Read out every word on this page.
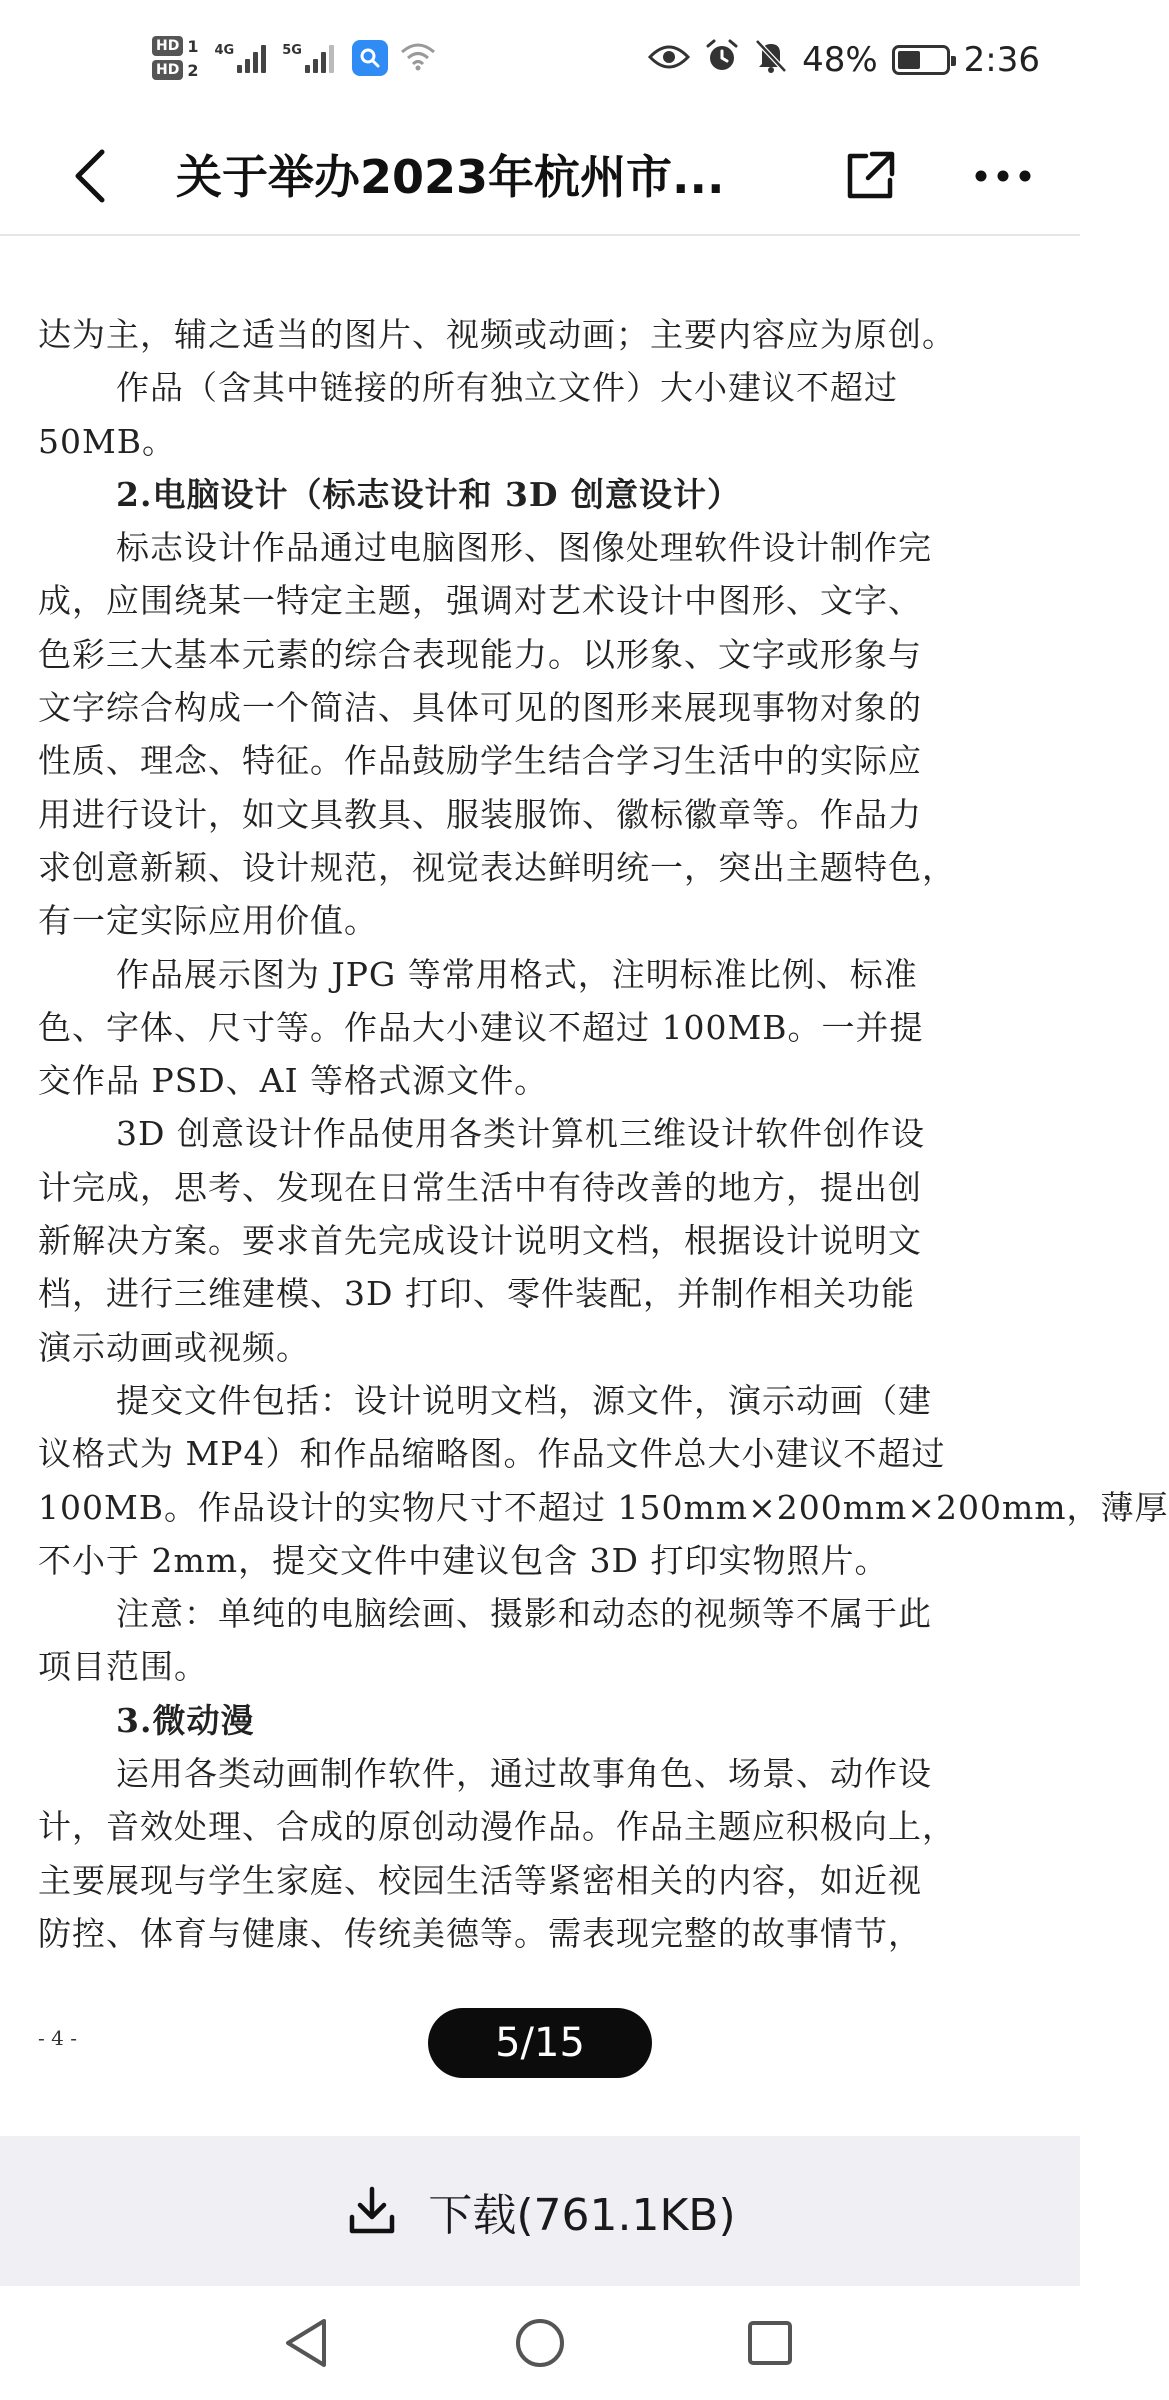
HD 1
HD 2
4G	5G	48%	2:36
关于举办2023年杭州市...
达为主，辅之适当的图片、视频或动画；主要内容应为原创。
作品（含其中链接的所有独立文件）大小建议不超过
50MB。
2.电脑设计（标志设计和 3D 创意设计）
标志设计作品通过电脑图形、图像处理软件设计制作完
成，应围绕某一特定主题，强调对艺术设计中图形、文字、
色彩三大基本元素的综合表现能力。以形象、文字或形象与
文字综合构成一个简洁、具体可见的图形来展现事物对象的
性质、理念、特征。作品鼓励学生结合学习生活中的实际应
用进行设计，如文具教具、服装服饰、徽标徽章等。作品力
求创意新颖、设计规范，视觉表达鲜明统一，突出主题特色，
有一定实际应用价值。
作品展示图为 JPG 等常用格式，注明标准比例、标准
色、字体、尺寸等。作品大小建议不超过 100MB。一并提
交作品 PSD、AI 等格式源文件。
3D 创意设计作品使用各类计算机三维设计软件创作设
计完成，思考、发现在日常生活中有待改善的地方，提出创
新解决方案。要求首先完成设计说明文档，根据设计说明文
档，进行三维建模、3D 打印、零件装配，并制作相关功能
演示动画或视频。
提交文件包括：设计说明文档，源文件，演示动画（建
议格式为 MP4）和作品缩略图。作品文件总大小建议不超过
100MB。作品设计的实物尺寸不超过 150mm×200mm×200mm，薄厚
不小于 2mm，提交文件中建议包含 3D 打印实物照片。
注意：单纯的电脑绘画、摄影和动态的视频等不属于此
项目范围。
3.微动漫
运用各类动画制作软件，通过故事角色、场景、动作设
计，音效处理、合成的原创动漫作品。作品主题应积极向上，
主要展现与学生家庭、校园生活等紧密相关的内容，如近视
防控、体育与健康、传统美德等。需表现完整的故事情节，
- 4 -	5/15
下载(761.1KB)
